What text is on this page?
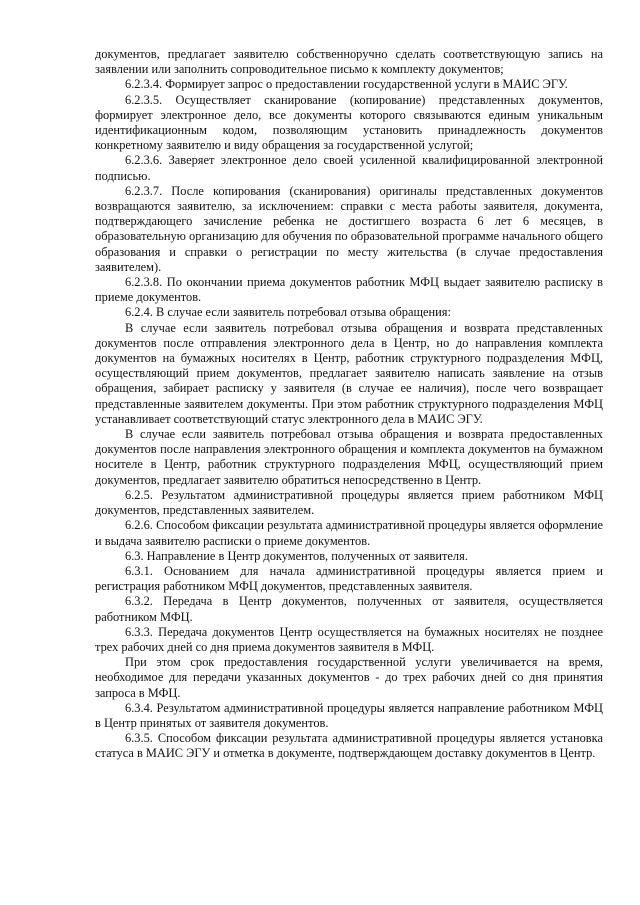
документов, предлагает заявителю собственноручно сделать соответствующую запись на заявлении или заполнить сопроводительное письмо к комплекту документов;

6.2.3.4. Формирует запрос о предоставлении государственной услуги в МАИС ЭГУ.

6.2.3.5. Осуществляет сканирование (копирование) представленных документов, формирует электронное дело, все документы которого связываются единым уникальным идентификационным кодом, позволяющим установить принадлежность документов конкретному заявителю и виду обращения за государственной услугой;

6.2.3.6. Заверяет электронное дело своей усиленной квалифицированной электронной подписью.

6.2.3.7. После копирования (сканирования) оригиналы представленных документов возвращаются заявителю, за исключением: справки с места работы заявителя, документа, подтверждающего зачисление ребенка не достигшего возраста 6 лет 6 месяцев, в образовательную организацию для обучения по образовательной программе начального общего образования и справки о регистрации по месту жительства (в случае предоставления заявителем).

6.2.3.8. По окончании приема документов работник МФЦ выдает заявителю расписку в приеме документов.

6.2.4. В случае если заявитель потребовал отзыва обращения:

В случае если заявитель потребовал отзыва обращения и возврата представленных документов после отправления электронного дела в Центр, но до направления комплекта документов на бумажных носителях в Центр, работник структурного подразделения МФЦ, осуществляющий прием документов, предлагает заявителю написать заявление на отзыв обращения, забирает расписку у заявителя (в случае ее наличия), после чего возвращает представленные заявителем документы. При этом работник структурного подразделения МФЦ устанавливает соответствующий статус электронного дела в МАИС ЭГУ.

В случае если заявитель потребовал отзыва обращения и возврата предоставленных документов после направления электронного обращения и комплекта документов на бумажном носителе в Центр, работник структурного подразделения МФЦ, осуществляющий прием документов, предлагает заявителю обратиться непосредственно в Центр.

6.2.5. Результатом административной процедуры является прием работником МФЦ документов, представленных заявителем.

6.2.6. Способом фиксации результата административной процедуры является оформление и выдача заявителю расписки о приеме документов.

6.3. Направление в Центр документов, полученных от заявителя.

6.3.1. Основанием для начала административной процедуры является прием и регистрация работником МФЦ документов, представленных заявителя.

6.3.2. Передача в Центр документов, полученных от заявителя, осуществляется работником МФЦ.

6.3.3. Передача документов Центр осуществляется на бумажных носителях не позднее трех рабочих дней со дня приема документов заявителя в МФЦ.

При этом срок предоставления государственной услуги увеличивается на время, необходимое для передачи указанных документов - до трех рабочих дней со дня принятия запроса в МФЦ.

6.3.4. Результатом административной процедуры является направление работником МФЦ в Центр принятых от заявителя документов.

6.3.5. Способом фиксации результата административной процедуры является установка статуса в МАИС ЭГУ и отметка в документе, подтверждающем доставку документов в Центр.
